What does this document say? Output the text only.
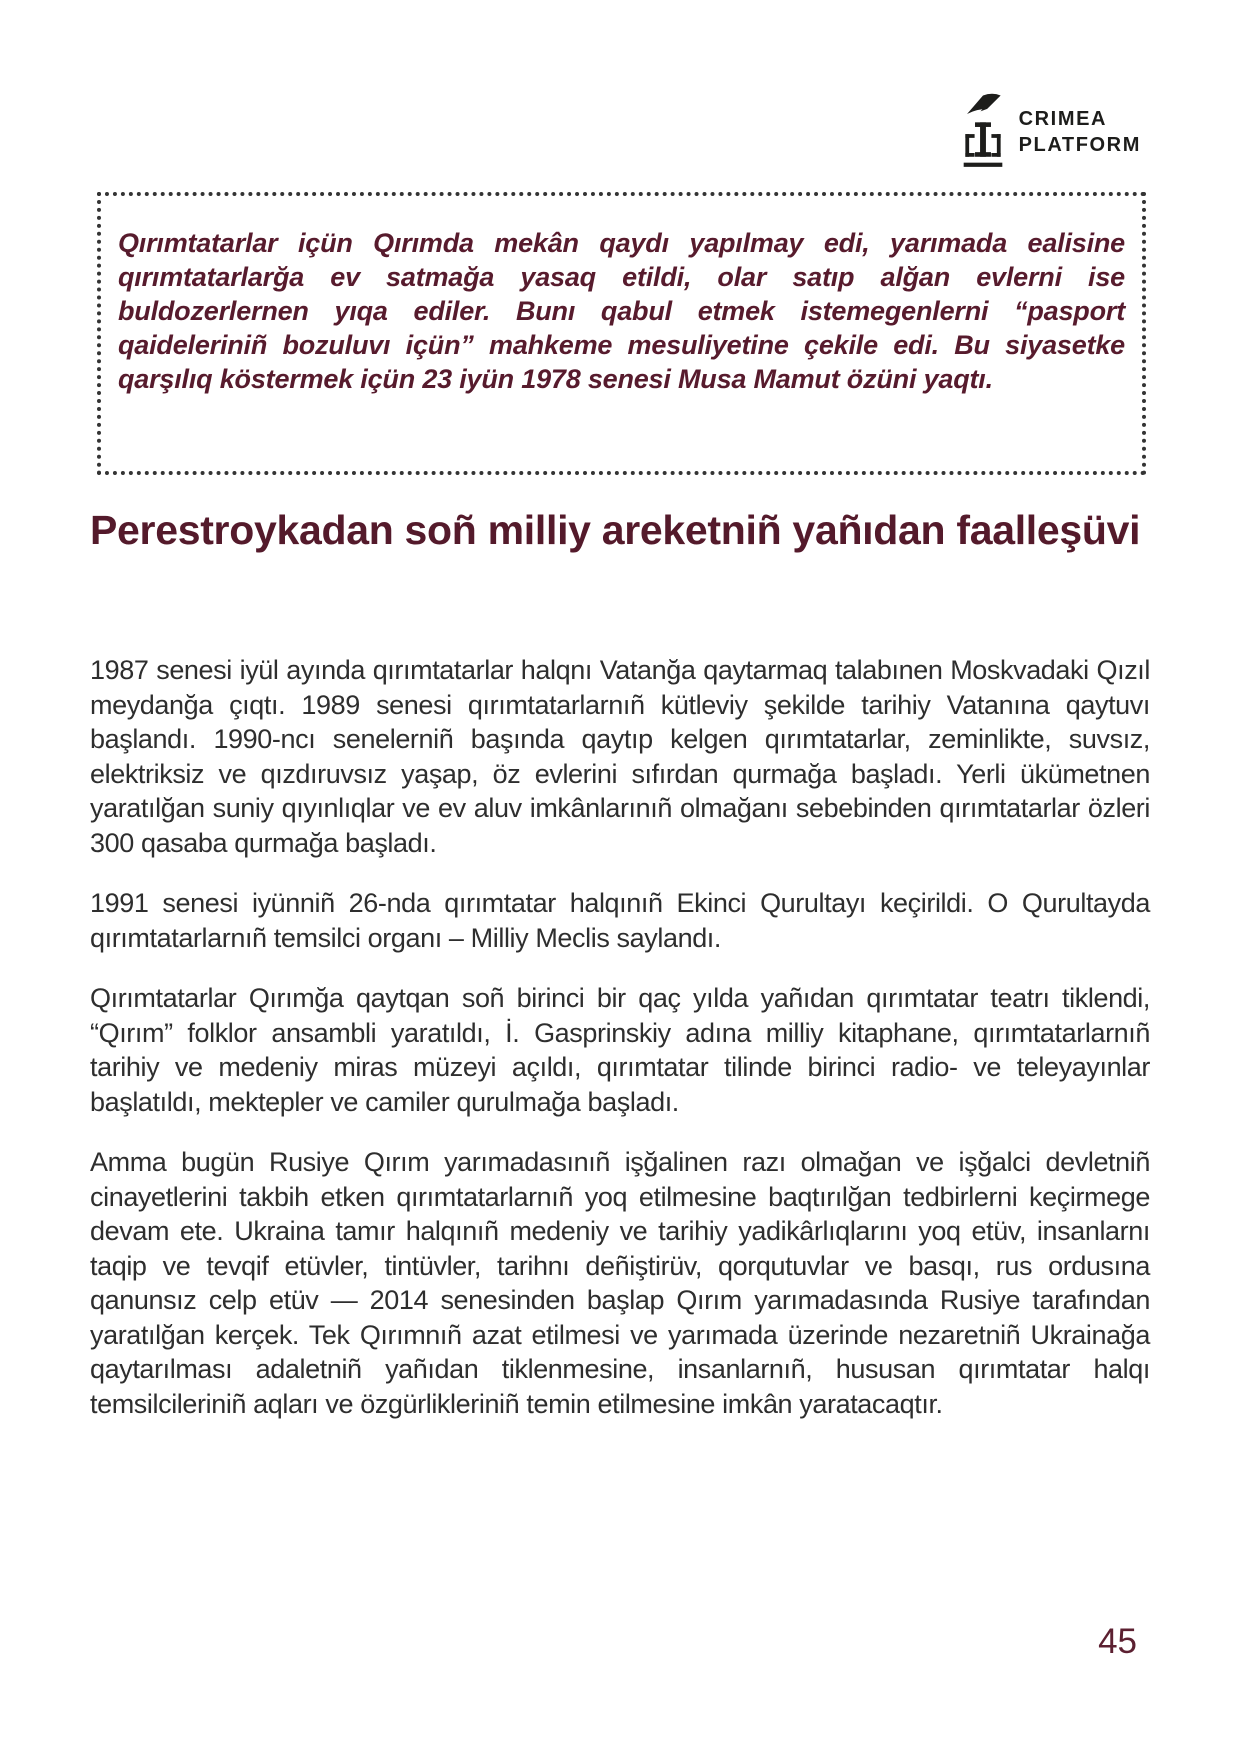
CRIMEA
PLATFORM

Qırımtatarlar içün Qırımda mekân qaydı yapılmay edi, yarımada ealisine qırımtatarlarğa ev satmağa yasaq etildi, olar satıp alğan evlerni ise buldozerlernen yıqa ediler. Bunı qabul etmek istemegenlerni “pasport qaideleriniñ bozuluvı içün” mahkeme mesuliyetine çekile edi. Bu siyasetke qarşılıq köstermek içün 23 iyün 1978 senesi Musa Mamut özüni yaqtı.

Perestroykadan soñ milliy areketniñ yañıdan faalleşüvi

1987 senesi iyül ayında qırımtatarlar halqnı Vatanğa qaytarmaq talabınen Moskvadaki Qızıl meydanğa çıqtı. 1989 senesi qırımtatarlarnıñ kütleviy şekilde tarihiy Vatanına qaytuvı başlandı. 1990-ncı senelerniñ başında qaytıp kelgen qırımtatarlar, zeminlikte, suvsız, elektriksiz ve qızdıruvsız yaşap, öz evlerini sıfırdan qurmağa başladı. Yerli ükümetnen yaratılğan suniy qıyınlıqlar ve ev aluv imkânlarınıñ olmağanı sebebinden qırımtatarlar özleri 300 qasaba qurmağa başladı.

1991 senesi iyünniñ 26-nda qırımtatar halqınıñ Ekinci Qurultayı keçirildi. O Qurultayda qırımtatarlarnıñ temsilci organı – Milliy Meclis saylandı.

Qırımtatarlar Qırımğa qaytqan soñ birinci bir qaç yılda yañıdan qırımtatar teatrı tiklendi, “Qırım” folklor ansambli yaratıldı, İ. Gasprinskiy adına milliy kitaphane, qırımtatarlarnıñ tarihiy ve medeniy miras müzeyi açıldı, qırımtatar tilinde birinci radio- ve teleyayınlar başlatıldı, mektepler ve camiler qurulmağa başladı.

Amma bugün Rusiye Qırım yarımadasınıñ işğalinen razı olmağan ve işğalci devletniñ cinayetlerini takbih etken qırımtatarlarnıñ yoq etilmesine baqtırılğan tedbirlerni keçirmege devam ete. Ukraina tamır halqınıñ medeniy ve tarihiy yadikârlıqlarını yoq etüv, insanlarnı taqip ve tevqif etüvler, tintüvler, tarihnı deñiştirüv, qorqutuvlar ve basqı, rus ordusına qanunsız celp etüv — 2014 senesinden başlap Qırım yarımadasında Rusiye tarafından yaratılğan kerçek. Tek Qırımnıñ azat etilmesi ve yarımada üzerinde nezaretniñ Ukrainağa qaytarılması adaletniñ yañıdan tiklenmesine, insanlarnıñ, hususan qırımtatar halqı temsilcileriniñ aqları ve özgürlikleriniñ temin etilmesine imkân yaratacaqtır.

45
